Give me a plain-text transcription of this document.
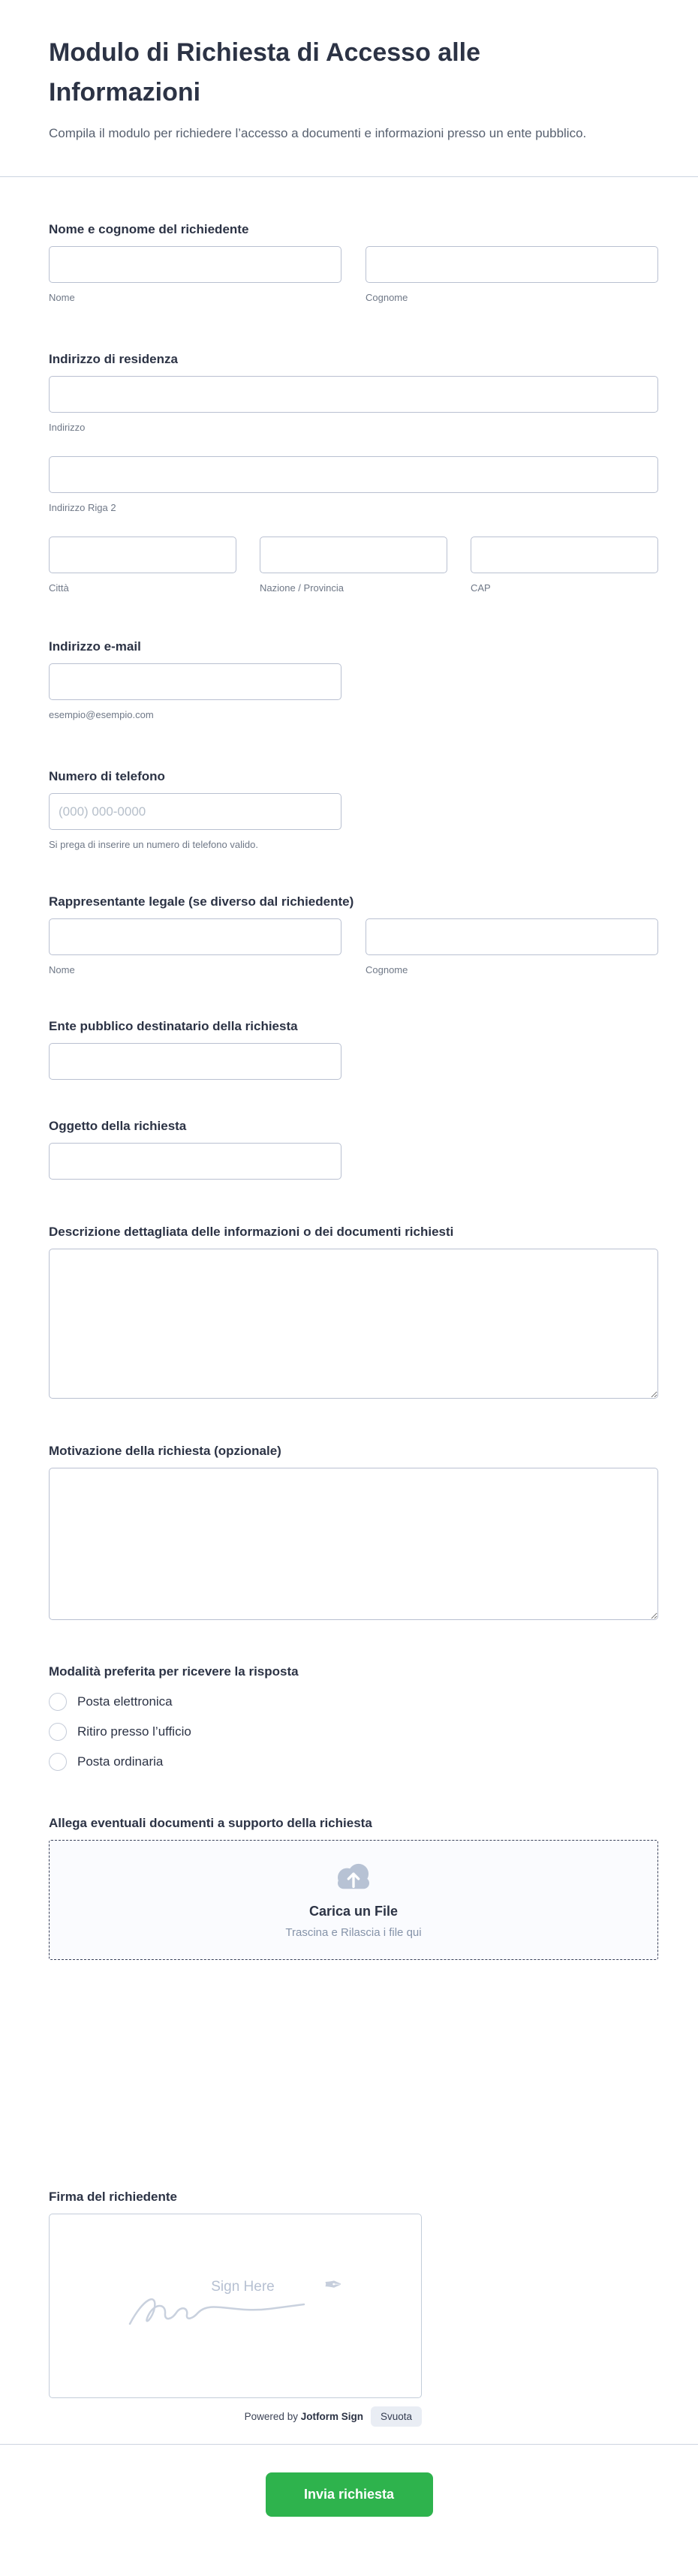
Modulo di Richiesta di Accesso alle Informazioni

Compila il modulo per richiedere l’accesso a documenti e informazioni presso un ente pubblico.

Nome e cognome del richiedente
Nome	Cognome
Indirizzo di residenza
Indirizzo
Indirizzo Riga 2
Città	Nazione / Provincia	CAP
Indirizzo e-mail
esempio@esempio.com
Numero di telefono
(000) 000-0000
Si prega di inserire un numero di telefono valido.
Rappresentante legale (se diverso dal richiedente)
Nome	Cognome
Ente pubblico destinatario della richiesta
Oggetto della richiesta
Descrizione dettagliata delle informazioni o dei documenti richiesti
Motivazione della richiesta (opzionale)
Modalità preferita per ricevere la risposta
Posta elettronica
Ritiro presso l’ufficio
Posta ordinaria
Allega eventuali documenti a supporto della richiesta
Carica un File
Trascina e Rilascia i file qui
Firma del richiedente
Sign Here	✒
Powered by Jotform Sign	Svuota
Invia richiesta
